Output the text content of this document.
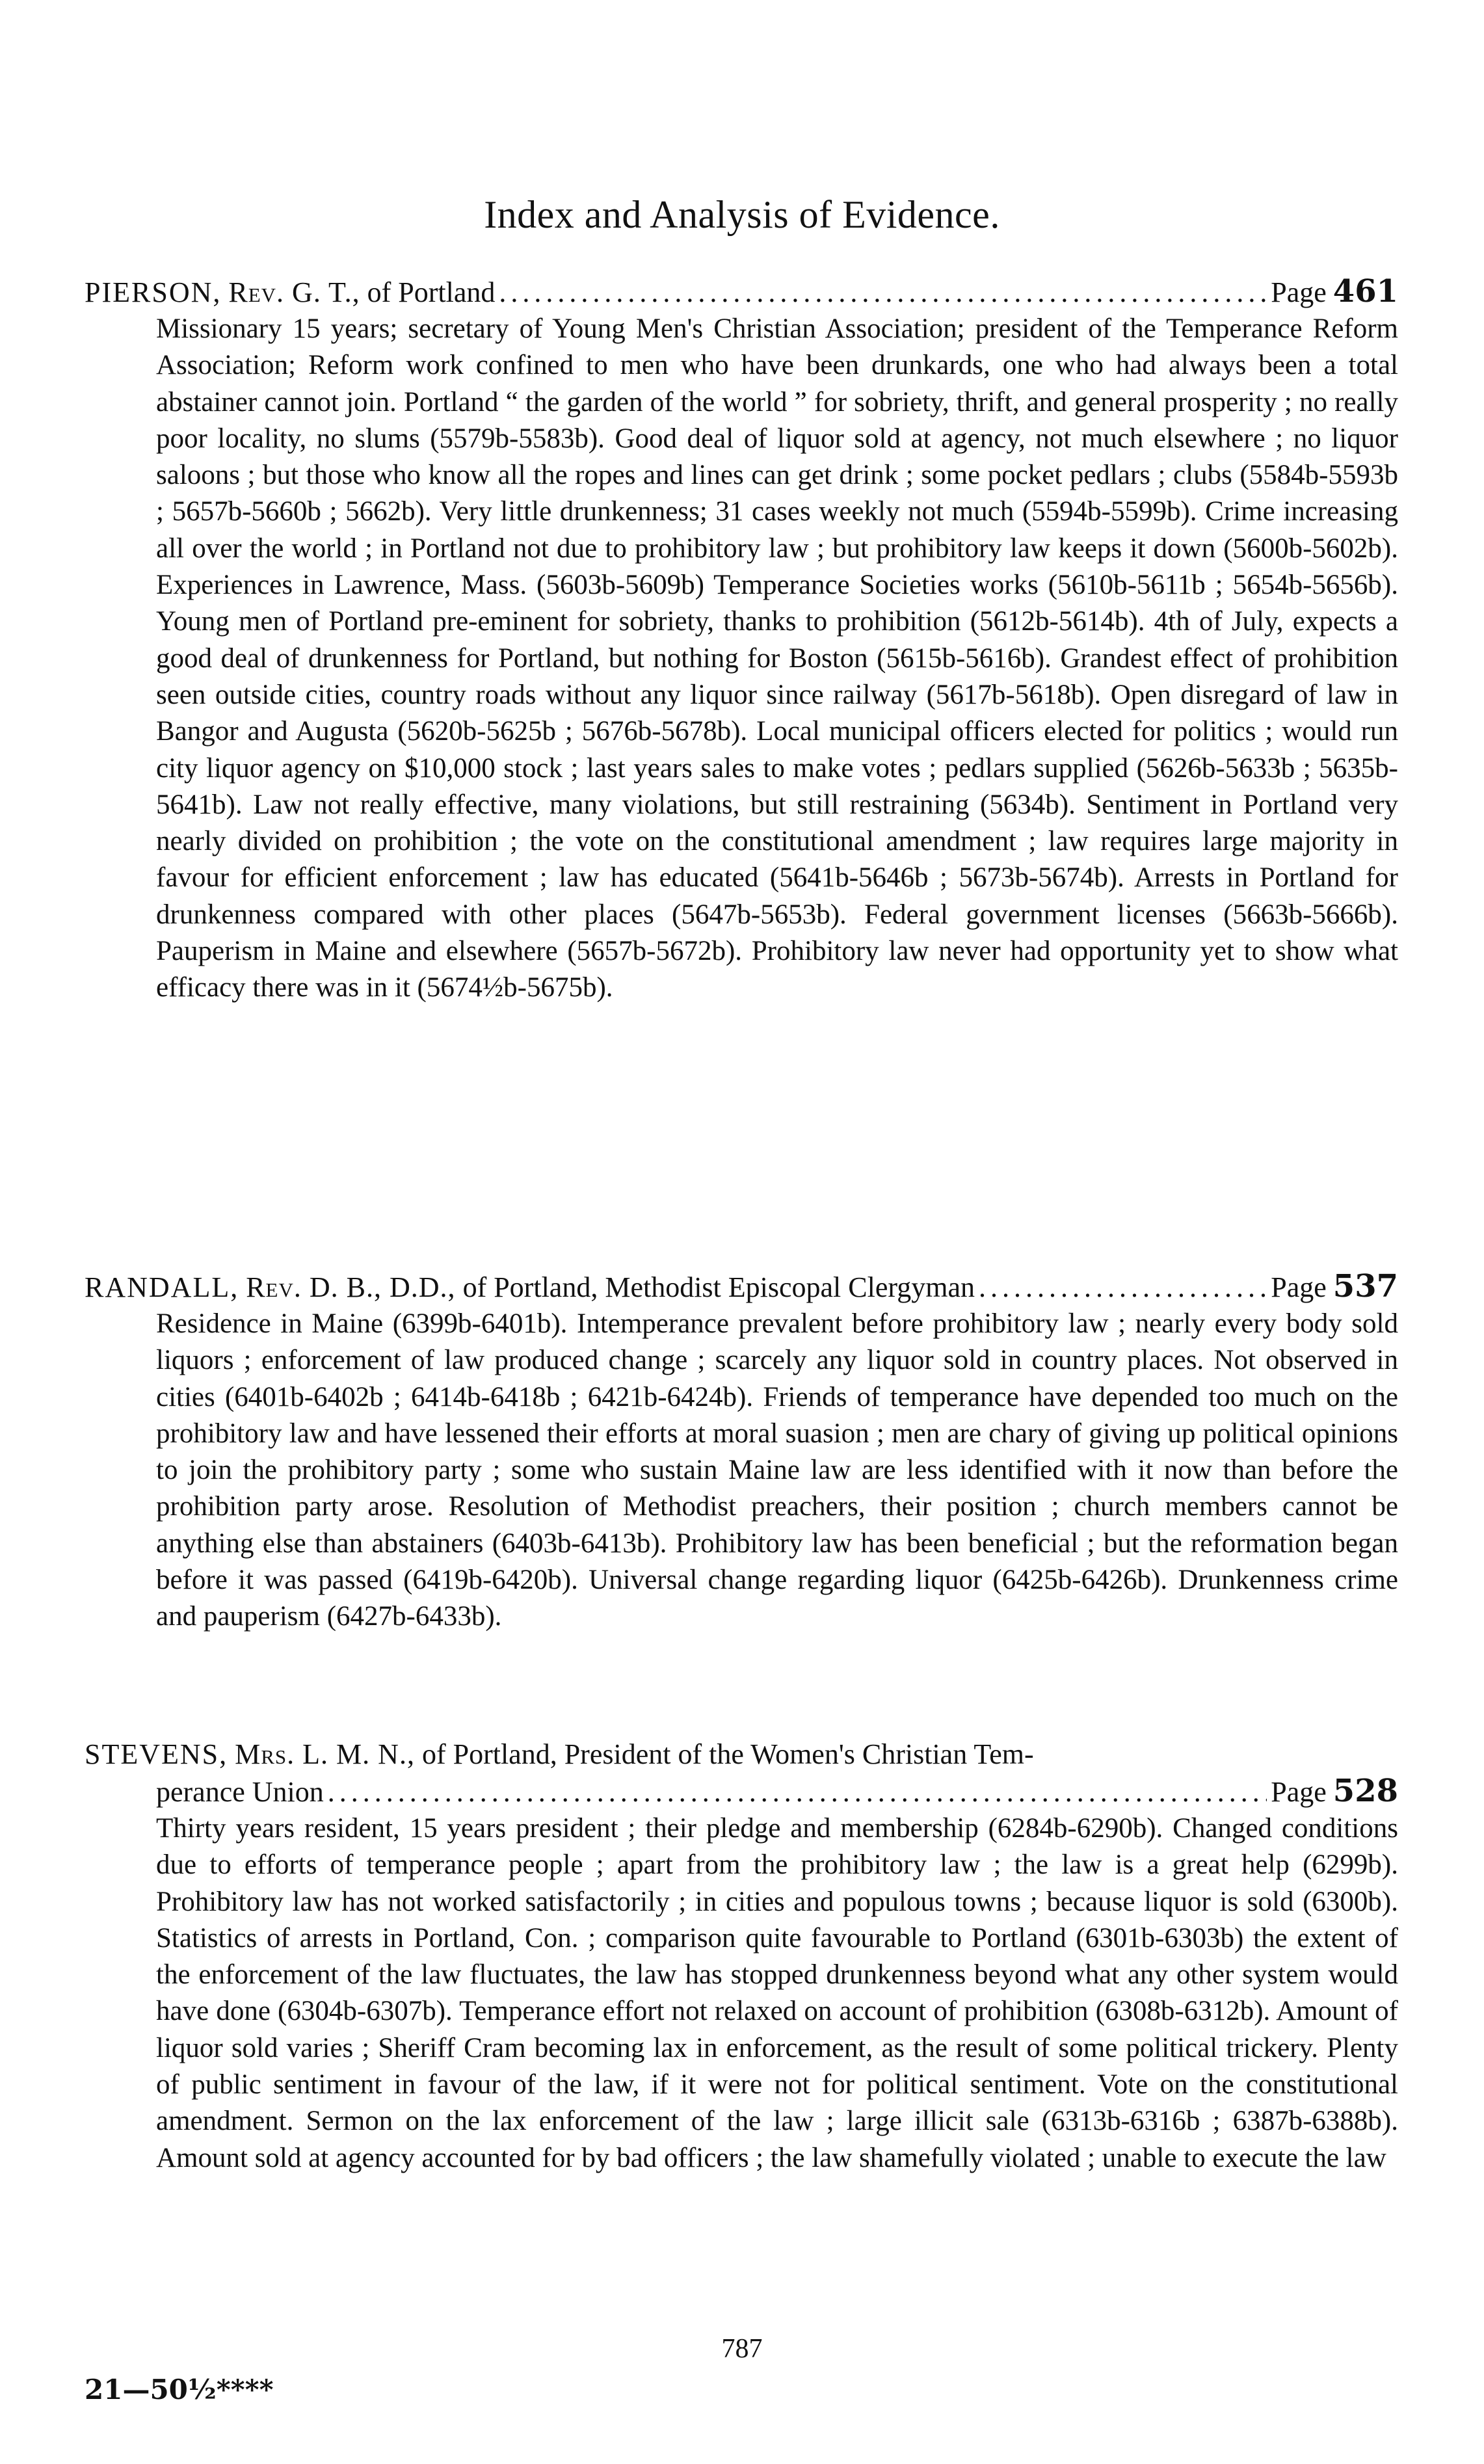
Index and Analysis of Evidence.
PIERSON,
Rev. G. T.,
of Portland . . .	Page 461
Missionary 15 years; secretary of Young Men's Christian Association; president of the Temperance Reform Association; Reform work confined to men who have been drunkards, one who had always been a total abstainer cannot join. Portland “ the garden of the world ” for sobriety, thrift, and general prosperity ; no really poor locality, no slums (5579b-5583b). Good deal of liquor sold at agency, not much elsewhere ; no liquor saloons ; but those who know all the ropes and lines can get drink ; some pocket pedlars ; clubs (5584b-5593b ; 5657b-5660b ; 5662b). Very little drunkenness; 31 cases weekly not much (5594b-5599b). Crime increasing all over the world ; in Portland not due to prohibitory law ; but prohibitory law keeps it down (5600b-5602b). Experiences in Lawrence, Mass. (5603b-5609b) Temperance Societies works (5610b-5611b ; 5654b-5656b). Young men of Portland pre-eminent for sobriety, thanks to prohibition (5612b-5614b). 4th of July, expects a good deal of drunkenness for Portland, but nothing for Boston (5615b-5616b). Grandest effect of prohibition seen outside cities, country roads without any liquor since railway (5617b-5618b). Open disregard of law in Bangor and Augusta (5620b-5625b ; 5676b-5678b). Local municipal officers elected for politics ; would run city liquor agency on $10,000 stock ; last years sales to make votes ; pedlars supplied (5626b-5633b ; 5635b-5641b). Law not really effective, many violations, but still restraining (5634b). Sentiment in Portland very nearly divided on prohibition ; the vote on the constitutional amendment ; law requires large majority in favour for efficient enforcement ; law has educated (5641b-5646b ; 5673b-5674b). Arrests in Portland for drunkenness compared with other places (5647b-5653b). Federal government licenses (5663b-5666b). Pauperism in Maine and elsewhere (5657b-5672b). Prohibitory law never had opportunity yet to show what efficacy there was in it (5674½b-5675b).
RANDALL,
Rev. D. B., D.D.,
of Portland, Methodist Episcopal Clergyman . . .	Page 537
Residence in Maine (6399b-6401b). Intemperance prevalent before prohibitory law ; nearly every body sold liquors ; enforcement of law produced change ; scarcely any liquor sold in country places. Not observed in cities (6401b-6402b ; 6414b-6418b ; 6421b-6424b). Friends of temperance have depended too much on the prohibitory law and have lessened their efforts at moral suasion ; men are chary of giving up political opinions to join the prohibitory party ; some who sustain Maine law are less identified with it now than before the prohibition party arose. Resolution of Methodist preachers, their position ; church members cannot be anything else than abstainers (6403b-6413b). Prohibitory law has been beneficial ; but the reformation began before it was passed (6419b-6420b). Universal change regarding liquor (6425b-6426b). Drunkenness crime and pauperism (6427b-6433b).
STEVENS,
Mrs. L. M. N.,
of Portland, President of the Women's Christian Tem-
perance Union . . .	Page 528
Thirty years resident, 15 years president ; their pledge and membership (6284b-6290b). Changed conditions due to efforts of temperance people ; apart from the prohibitory law ; the law is a great help (6299b). Prohibitory law has not worked satisfactorily ; in cities and populous towns ; because liquor is sold (6300b). Statistics of arrests in Portland, Con. ; comparison quite favourable to Portland (6301b-6303b) the extent of the enforcement of the law fluctuates, the law has stopped drunkenness beyond what any other system would have done (6304b-6307b). Temperance effort not relaxed on account of prohibition (6308b-6312b). Amount of liquor sold varies ; Sheriff Cram becoming lax in enforcement, as the result of some political trickery. Plenty of public sentiment in favour of the law, if it were not for political sentiment. Vote on the constitutional amendment. Sermon on the lax enforcement of the law ; large illicit sale (6313b-6316b ; 6387b-6388b). Amount sold at agency accounted for by bad officers ; the law shamefully violated ; unable to execute the law
787
21—50½****
